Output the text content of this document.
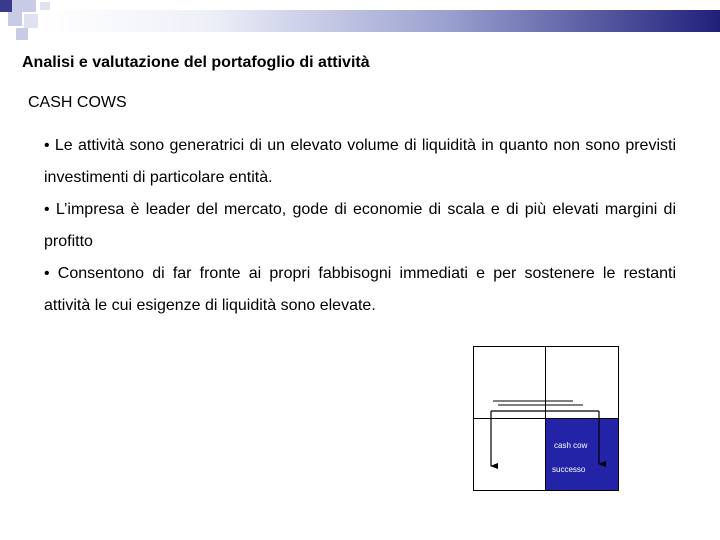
Analisi e valutazione del portafoglio di attività
CASH COWS
• Le attività sono generatrici di un elevato volume di liquidità in quanto non sono previsti investimenti di particolare entità.
• L’impresa è leader del mercato, gode di economie di scala e di più elevati margini di profitto
• Consentono di far fronte ai propri fabbisogni immediati e per sostenere le restanti attività le cui esigenze di liquidità sono elevate.
cash cow
successo
